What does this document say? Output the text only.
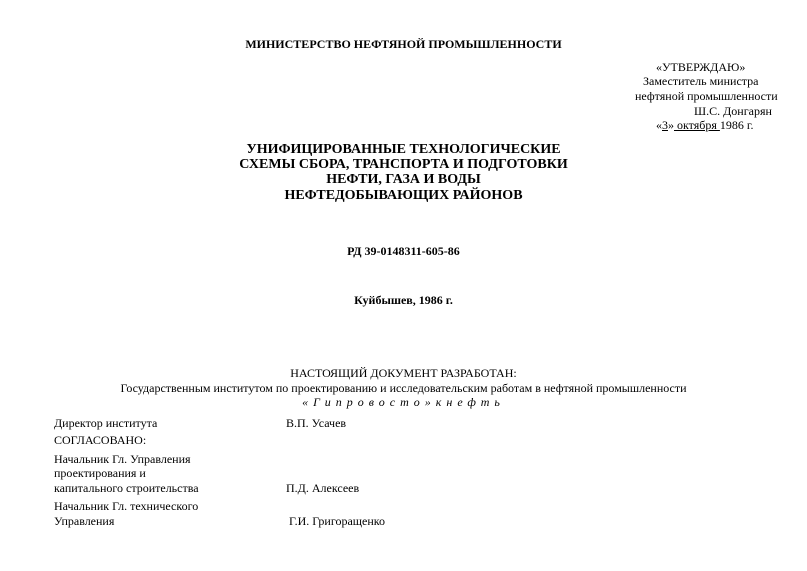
МИНИСТЕРСТВО НЕФТЯНОЙ ПРОМЫШЛЕННОСТИ
«УТВЕРЖДАЮ»
Заместитель министра
нефтяной промышленности
Ш.С. Донгарян
«3» октября 1986 г.
УНИФИЦИРОВАННЫЕ ТЕХНОЛОГИЧЕСКИЕ
СХЕМЫ СБОРА, ТРАНСПОРТА И ПОДГОТОВКИ
НЕФТИ, ГАЗА И ВОДЫ
НЕФТЕДОБЫВАЮЩИХ РАЙОНОВ
РД 39-0148311-605-86
Куйбышев, 1986 г.
НАСТОЯЩИЙ ДОКУМЕНТ РАЗРАБОТАН:
Государственным институтом по проектированию и исследовательским работам в нефтяной промышленности
«Гипровосто»кнефть
Директор института	В.П. Усачев
СОГЛАСОВАНО:
Начальник Гл. Управления
проектирования и
капитального строительства	П.Д. Алексеев
Начальник Гл. технического
Управления	Г.И. Григоращенко
